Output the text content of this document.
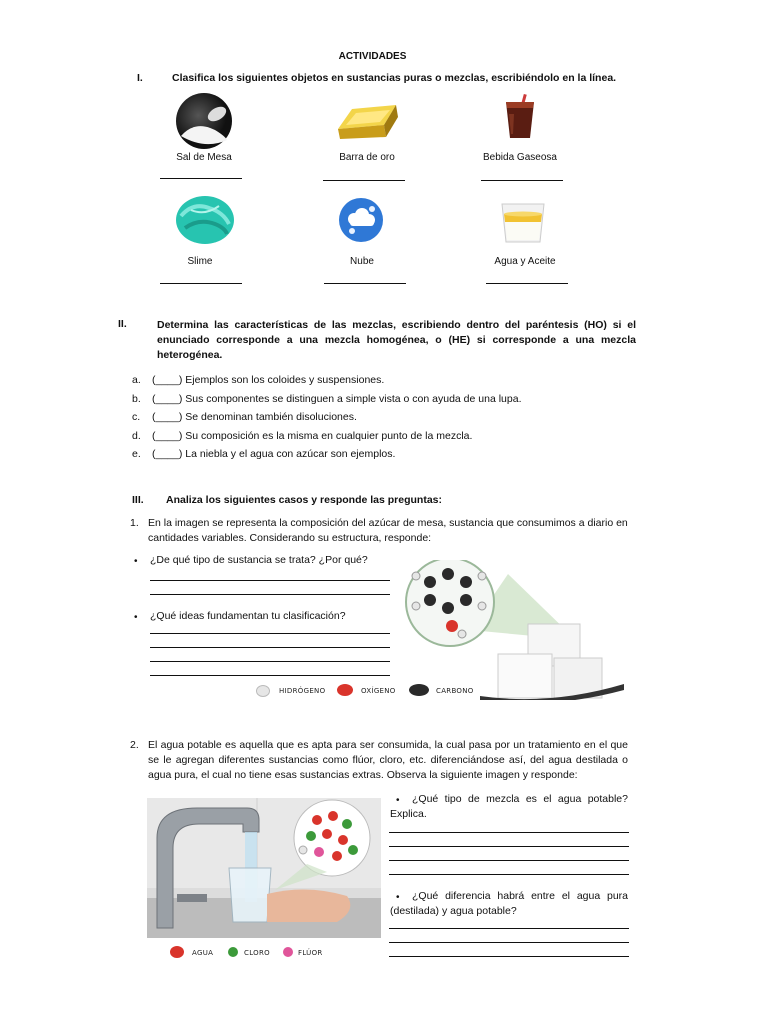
ACTIVIDADES
I.	Clasifica los siguientes objetos en sustancias puras o mezclas, escribiéndolo en la línea.
Sal de Mesa	Barra de oro	Bebida Gaseosa
Slime	Nube	Agua y Aceite
II.	Determina las características de las mezclas, escribiendo dentro del paréntesis (HO) si el enunciado corresponde a una mezcla homogénea, o (HE) si corresponde a una mezcla heterogénea.
a. (____) Ejemplos son los coloides y suspensiones.
b. (____) Sus componentes se distinguen a simple vista o con ayuda de una lupa.
c. (____) Se denominan también disoluciones.
d. (____) Su composición es la misma en cualquier punto de la mezcla.
e. (____) La niebla y el agua con azúcar son ejemplos.
III. Analiza los siguientes casos y responde las preguntas:
1. En la imagen se representa la composición del azúcar de mesa, sustancia que consumimos a diario en cantidades variables. Considerando su estructura, responde:
• ¿De qué tipo de sustancia se trata? ¿Por qué?
• ¿Qué ideas fundamentan tu clasificación?
HIDRÓGENO	OXÍGENO	CARBONO
2. El agua potable es aquella que es apta para ser consumida, la cual pasa por un tratamiento en el que se le agregan diferentes sustancias como flúor, cloro, etc. diferenciándose así, del agua destilada o agua pura, el cual no tiene esas sustancias extras. Observa la siguiente imagen y responde:
AGUA	CLORO	FLÚOR
•	¿Qué tipo de mezcla es el agua potable? Explica.
•	¿Qué diferencia habrá entre el agua pura (destilada) y agua potable?
